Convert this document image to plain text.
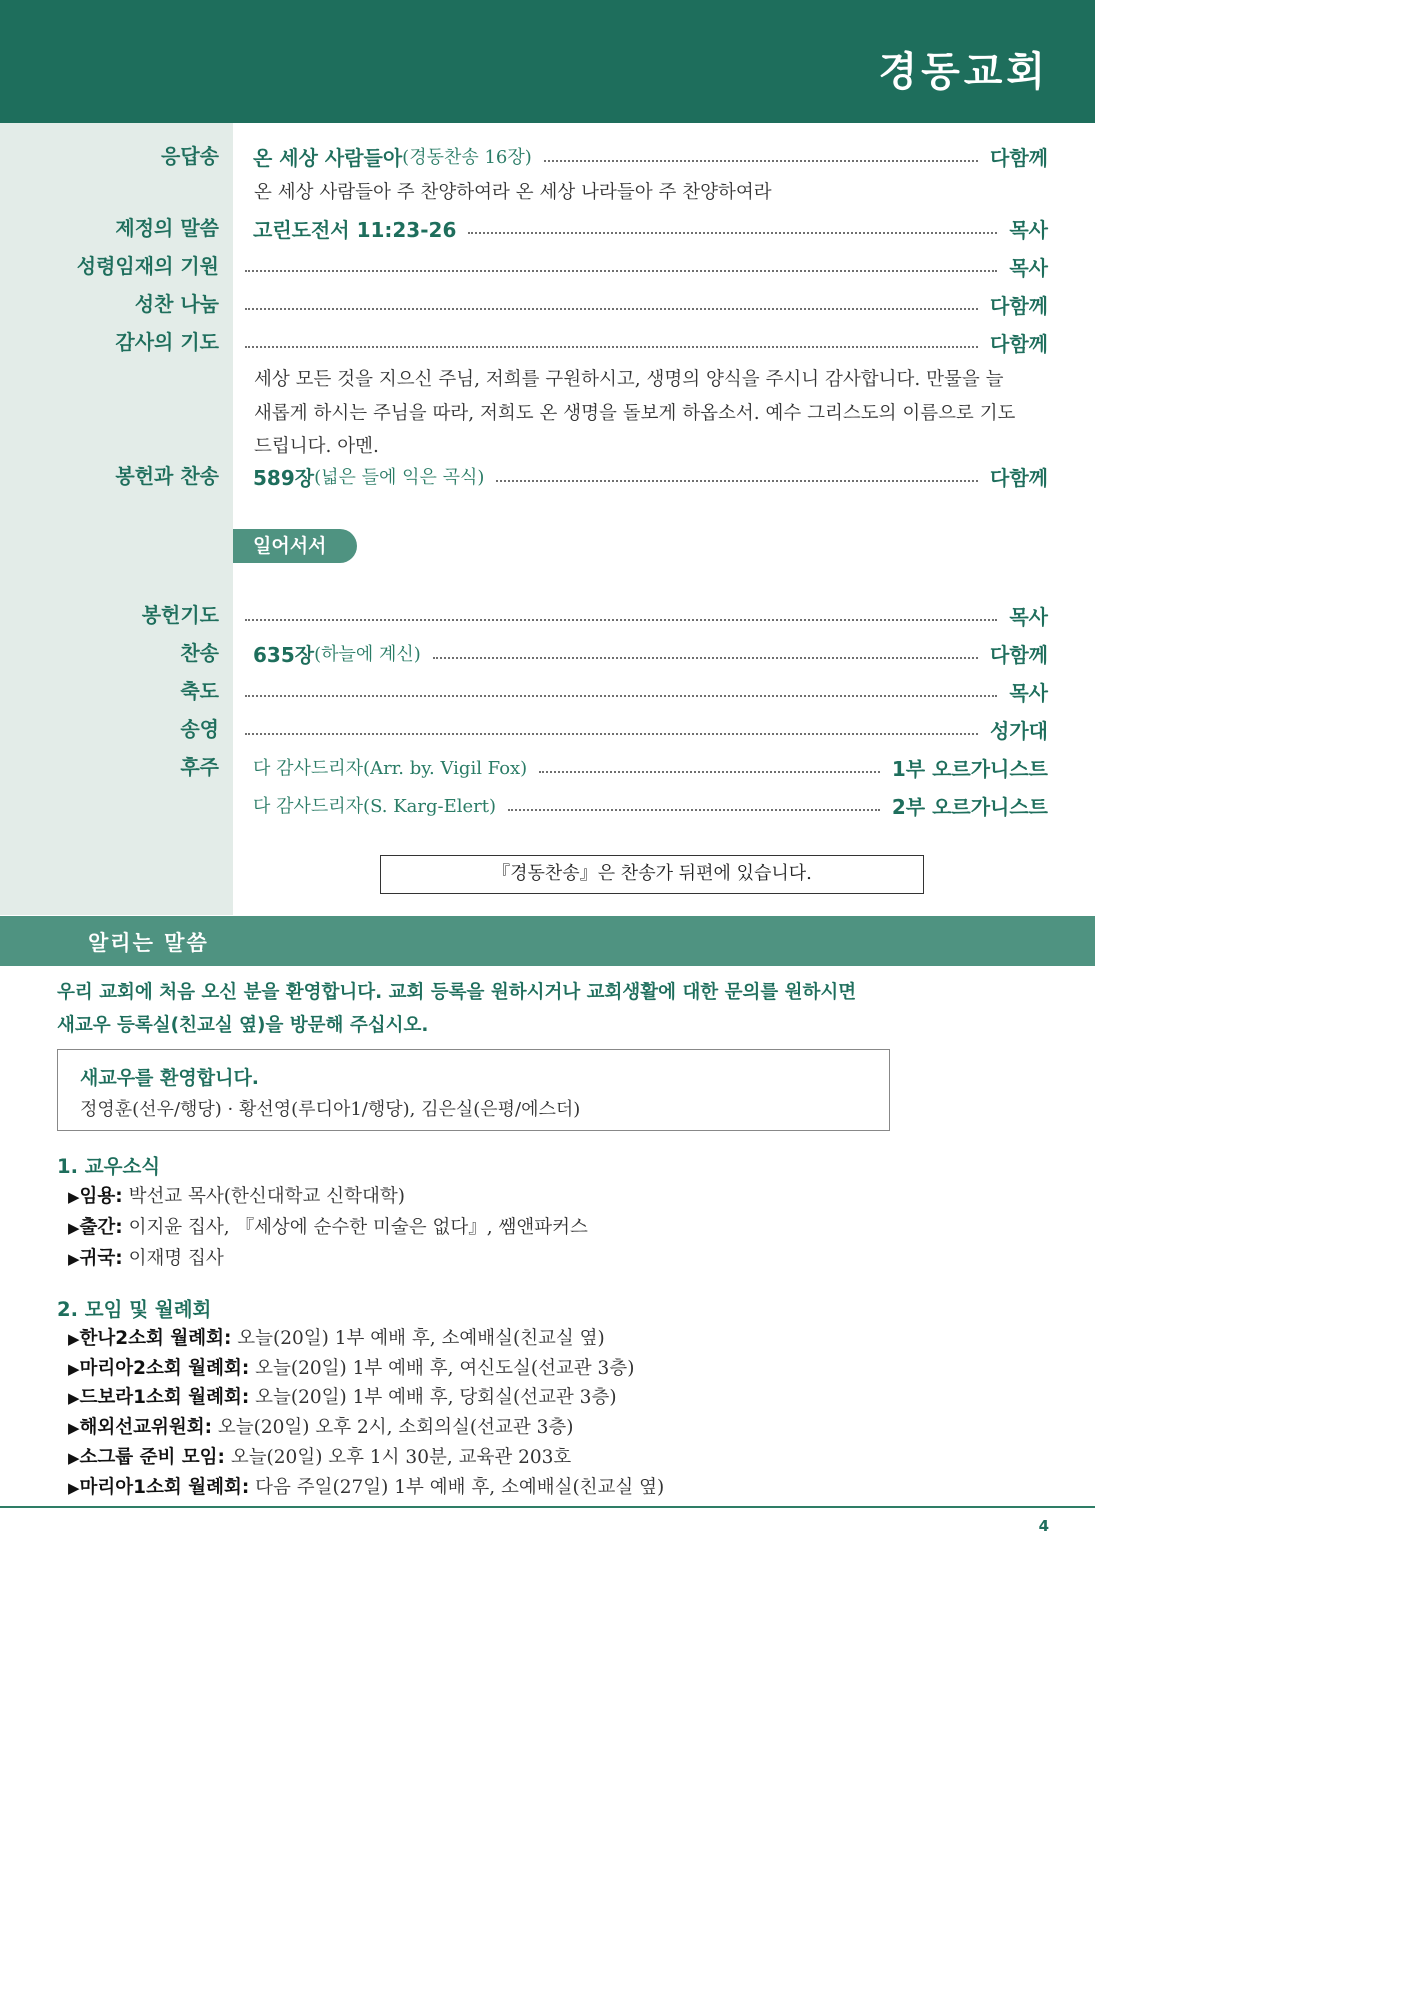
경동교회
응답송 온 세상 사람들아 (경동찬송 16장)	다함께
온 세상 사람들아 주 찬양하여라 온 세상 나라들아 주 찬양하여라
제정의 말씀 고린도전서 11:23-26	목사
성령임재의 기원	목사
성찬 나눔	다함께
감사의 기도	다함께
세상 모든 것을 지으신 주님, 저희를 구원하시고, 생명의 양식을 주시니 감사합니다. 만물을 늘
새롭게 하시는 주님을 따라, 저희도 온 생명을 돌보게 하옵소서. 예수 그리스도의 이름으로 기도
드립니다. 아멘.
봉헌과 찬송 589장 (넓은 들에 익은 곡식)	다함께
일어서서
봉헌기도	목사
찬송 635장 (하늘에 계신)	다함께
축도	목사
송영	성가대
후주 다 감사드리자(Arr. by. Vigil Fox)	1부 오르가니스트
다 감사드리자(S. Karg-Elert)	2부 오르가니스트
『경동찬송』은 찬송가 뒤편에 있습니다.
알리는 말씀
우리 교회에 처음 오신 분을 환영합니다. 교회 등록을 원하시거나 교회생활에 대한 문의를 원하시면
새교우 등록실(친교실 옆)을 방문해 주십시오.
새교우를 환영합니다.
정영훈(선우/행당) · 황선영(루디아1/행당), 김은실(은평/에스더)
1. 교우소식
▶임용: 박선교 목사(한신대학교 신학대학)
▶출간: 이지윤 집사, 『세상에 순수한 미술은 없다』, 쌤앤파커스
▶귀국: 이재명 집사
2. 모임 및 월례회
▶한나2소회 월례회: 오늘(20일) 1부 예배 후, 소예배실(친교실 옆)
▶마리아2소회 월례회: 오늘(20일) 1부 예배 후, 여신도실(선교관 3층)
▶드보라1소회 월례회: 오늘(20일) 1부 예배 후, 당회실(선교관 3층)
▶해외선교위원회: 오늘(20일) 오후 2시, 소회의실(선교관 3층)
▶소그룹 준비 모임: 오늘(20일) 오후 1시 30분, 교육관 203호
▶마리아1소회 월례회: 다음 주일(27일) 1부 예배 후, 소예배실(친교실 옆)
4
